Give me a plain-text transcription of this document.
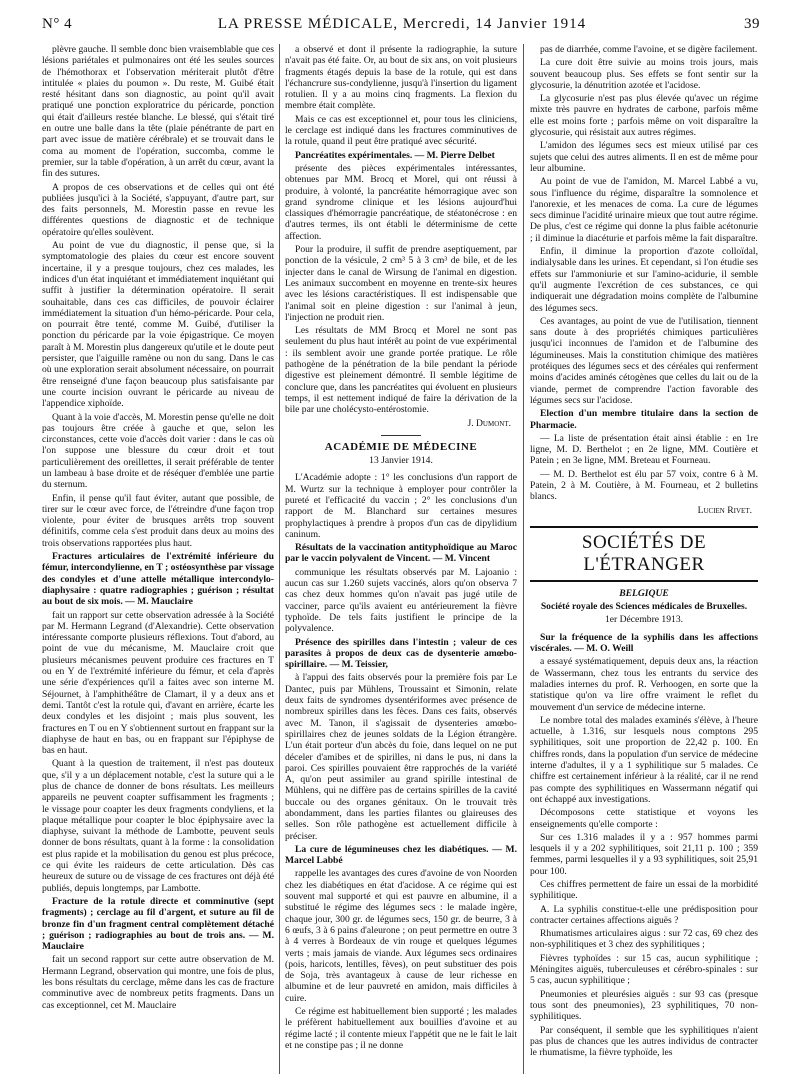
N° 4	LA PRESSE MÉDICALE, Mercredi, 14 Janvier 1914	39

plèvre gauche. Il semble donc bien vraisemblable que ces lésions pariétales et pulmonaires ont été les seules sources de l'hémothorax et l'observation mériterait plutôt d'être intitulée « plaies du poumon ». Du reste, M. Guibé était resté hésitant dans son diagnostic, au point qu'il avait pratiqué une ponction exploratrice du péricarde, ponction qui était d'ailleurs restée blanche. Le blessé, qui s'était tiré en outre une balle dans la tête (plaie pénétrante de part en part avec issue de matière cérébrale) et se trouvait dans le coma au moment de l'opération, succomba, comme le premier, sur la table d'opération, à un arrêt du cœur, avant la fin des sutures.

A propos de ces observations et de celles qui ont été publiées jusqu'ici à la Société, s'appuyant, d'autre part, sur des faits personnels, M. Morestin passe en revue les différentes questions de diagnostic et de technique opératoire qu'elles soulèvent.

Au point de vue du diagnostic, il pense que, si la symptomatologie des plaies du cœur est encore souvent incertaine, il y a presque toujours, chez ces malades, les indices d'un état inquiétant et immédiatement inquiétant qui suffit à justifier la détermination opératoire. Il serait souhaitable, dans ces cas difficiles, de pouvoir éclairer immédiatement la situation d'un hémo-péricarde. Pour cela, on pourrait être tenté, comme M. Guibé, d'utiliser la ponction du péricarde par la voie épigastrique. Ce moyen paraît à M. Morestin plus dangereux qu'utile et le doute peut persister, que l'aiguille ramène ou non du sang. Dans le cas où une exploration serait absolument nécessaire, on pourrait être renseigné d'une façon beaucoup plus satisfaisante par une courte incision ouvrant le péricarde au niveau de l'appendice xiphoïde.

Quant à la voie d'accès, M. Morestin pense qu'elle ne doit pas toujours être créée à gauche et que, selon les circonstances, cette voie d'accès doit varier : dans le cas où l'on suppose une blessure du cœur droit et tout particulièrement des oreillettes, il serait préférable de tenter un lambeau à base droite et de réséquer d'emblée une partie du sternum.

Enfin, il pense qu'il faut éviter, autant que possible, de tirer sur le cœur avec force, de l'étreindre d'une façon trop violente, pour éviter de brusques arrêts trop souvent définitifs, comme cela s'est produit dans deux au moins des trois observations rapportées plus haut.

Fractures articulaires de l'extrémité inférieure du fémur, intercondylienne, en T ; ostéosynthèse par vissage des condyles et d'une attelle métallique intercondylo-diaphysaire : quatre radiographies ; guérison ; résultat au bout de six mois. — M. Mauclaire

fait un rapport sur cette observation adressée à la Société par M. Hermann Legrand (d'Alexandrie). Cette observation intéressante comporte plusieurs réflexions. Tout d'abord, au point de vue du mécanisme, M. Mauclaire croit que plusieurs mécanismes peuvent produire ces fractures en T ou en Y de l'extrémité inférieure du fémur, et cela d'après une série d'expériences qu'il a faites avec son interne M. Séjournet, à l'amphithéâtre de Clamart, il y a deux ans et demi. Tantôt c'est la rotule qui, d'avant en arrière, écarte les deux condyles et les disjoint ; mais plus souvent, les fractures en T ou en Y s'obtiennent surtout en frappant sur la diaphyse de haut en bas, ou en frappant sur l'épiphyse de bas en haut.

Quant à la question de traitement, il n'est pas douteux que, s'il y a un déplacement notable, c'est la suture qui a le plus de chance de donner de bons résultats. Les meilleurs appareils ne peuvent coapter suffisamment les fragments ; le vissage pour coapter les deux fragments condyliens, et la plaque métallique pour coapter le bloc épiphysaire avec la diaphyse, suivant la méthode de Lambotte, peuvent seuls donner de bons résultats, quant à la forme : la consolidation est plus rapide et la mobilisation du genou est plus précoce, ce qui évite les raideurs de cette articulation. Dès cas heureux de suture ou de vissage de ces fractures ont déjà été publiés, depuis longtemps, par Lambotte.

Fracture de la rotule directe et comminutive (sept fragments) ; cerclage au fil d'argent, et suture au fil de bronze fin d'un fragment central complètement détaché ; guérison ; radiographies au bout de trois ans. — M. Mauclaire

fait un second rapport sur cette autre observation de M. Hermann Legrand, observation qui montre, une fois de plus, les bons résultats du cerclage, même dans les cas de fracture comminutive avec de nombreux petits fragments. Dans un cas exceptionnel, cet M. Mauclaire

a observé et dont il présente la radiographie, la suture n'avait pas été faite. Or, au bout de six ans, on voit plusieurs fragments étagés depuis la base de la rotule, qui est dans l'échancrure sus-condylienne, jusqu'à l'insertion du ligament rotulien. Il y a au moins cinq fragments. La flexion du membre était complète.

Mais ce cas est exceptionnel et, pour tous les cliniciens, le cerclage est indiqué dans les fractures comminutives de la rotule, quand il peut être pratiqué avec sécurité.

Pancréatites expérimentales. — M. Pierre Delbet

présente des pièces expérimentales intéressantes, obtenues par MM. Brocq et Morel, qui ont réussi à produire, à volonté, la pancréatite hémorragique avec son grand syndrome clinique et les lésions aujourd'hui classiques d'hémorragie pancréatique, de stéatonécrose : en d'autres termes, ils ont établi le déterminisme de cette affection.

Pour la produire, il suffit de prendre aseptiquement, par ponction de la vésicule, 2 cm³ 5 à 3 cm³ de bile, et de les injecter dans le canal de Wirsung de l'animal en digestion. Les animaux succombent en moyenne en trente-six heures avec les lésions caractéristiques. Il est indispensable que l'animal soit en pleine digestion : sur l'animal à jeun, l'injection ne produit rien.

Les résultats de MM Brocq et Morel ne sont pas seulement du plus haut intérêt au point de vue expérimental : ils semblent avoir une grande portée pratique. Le rôle pathogène de la pénétration de la bile pendant la période digestive est pleinement démontré. Il semble légitime de conclure que, dans les pancréatites qui évoluent en plusieurs temps, il est nettement indiqué de faire la dérivation de la bile par une cholécysto-entérostomie.

J. Dumont.

ACADÉMIE DE MÉDECINE

13 Janvier 1914.

L'Académie adopte : 1° les conclusions d'un rapport de M. Wurtz sur la technique à employer pour contrôler la pureté et l'efficacité du vaccin ; 2° les conclusions d'un rapport de M. Blanchard sur certaines mesures prophylactiques à prendre à propos d'un cas de dipylidium caninum.

Résultats de la vaccination antityphoïdique au Maroc par le vaccin polyvalent de Vincent. — M. Vincent

communique les résultats observés par M. Lajoanio : aucun cas sur 1.260 sujets vaccinés, alors qu'on observa 7 cas chez deux hommes qu'on n'avait pas jugé utile de vacciner, parce qu'ils avaient eu antérieurement la fièvre typhoïde. De tels faits justifient le principe de la polyvalence.

Présence des spirilles dans l'intestin ; valeur de ces parasites à propos de deux cas de dysenterie amœbo-spirillaire. — M. Teissier,

à l'appui des faits observés pour la première fois par Le Dantec, puis par Mühlens, Troussaint et Simonin, relate deux faits de syndromes dysentériformes avec présence de nombreux spirilles dans les fèces. Dans ces faits, observés avec M. Tanon, il s'agissait de dysenteries amœbo-spirillaires chez de jeunes soldats de la Légion étrangère. L'un était porteur d'un abcès du foie, dans lequel on ne put déceler d'amibes et de spirilles, ni dans le pus, ni dans la paroi. Ces spirilles pouvaient être rapprochés de la variété A, qu'on peut assimiler au grand spirille intestinal de Mühlens, qui ne diffère pas de certains spirilles de la cavité buccale ou des organes génitaux. On le trouvait très abondamment, dans les parties filantes ou glaireuses des selles. Son rôle pathogène est actuellement difficile à préciser.

La cure de légumineuses chez les diabétiques. — M. Marcel Labbé

rappelle les avantages des cures d'avoine de von Noorden chez les diabétiques en état d'acidose. A ce régime qui est souvent mal supporté et qui est pauvre en albumine, il a substitué le régime des légumes secs : le malade ingère, chaque jour, 300 gr. de légumes secs, 150 gr. de beurre, 3 à 6 œufs, 3 à 6 pains d'aleurone ; on peut permettre en outre 3 à 4 verres à Bordeaux de vin rouge et quelques légumes verts ; mais jamais de viande. Aux légumes secs ordinaires (pois, haricots, lentilles, fèves), on peut substituer des pois de Soja, très avantageux à cause de leur richesse en albumine et de leur pauvreté en amidon, mais difficiles à cuire.

Ce régime est habituellement bien supporté ; les malades le préfèrent habituellement aux bouillies d'avoine et au régime lacté ; il contente mieux l'appétit que ne le fait le lait et ne constipe pas ; il ne donne

pas de diarrhée, comme l'avoine, et se digère facilement.

La cure doit être suivie au moins trois jours, mais souvent beaucoup plus. Ses effets se font sentir sur la glycosurie, la dénutrition azotée et l'acidose.

La glycosurie n'est pas plus élevée qu'avec un régime mixte très pauvre en hydrates de carbone, parfois même elle est moins forte ; parfois même on voit disparaître la glycosurie, qui résistait aux autres régimes.

L'amidon des légumes secs est mieux utilisé par ces sujets que celui des autres aliments. Il en est de même pour leur albumine.

Au point de vue de l'amidon, M. Marcel Labbé a vu, sous l'influence du régime, disparaître la somnolence et l'anorexie, et les menaces de coma. La cure de légumes secs diminue l'acidité urinaire mieux que tout autre régime. De plus, c'est ce régime qui donne la plus faible acétonurie ; il diminue la diacéturie et parfois même la fait disparaître.

Enfin, il diminue la proportion d'azote colloïdal, indialysable dans les urines. Et cependant, si l'on étudie ses effets sur l'ammoniurie et sur l'amino-acidurie, il semble qu'il augmente l'excrétion de ces substances, ce qui indiquerait une dégradation moins complète de l'albumine des légumes secs.

Ces avantages, au point de vue de l'utilisation, tiennent sans doute à des propriétés chimiques particulières jusqu'ici inconnues de l'amidon et de l'albumine des légumineuses. Mais la constitution chimique des matières protéiques des légumes secs et des céréales qui renferment moins d'acides aminés cétogènes que celles du lait ou de la viande, permet de comprendre l'action favorable des légumes secs sur l'acidose.

Election d'un membre titulaire dans la section de Pharmacie.

— La liste de présentation était ainsi établie : en 1re ligne, M. D. Berthelot ; en 2e ligne, MM. Coutière et Patein ; en 3e ligne, MM. Breteau et Fourneau.

— M. D. Berthelot est élu par 57 voix, contre 6 à M. Patein, 2 à M. Coutière, à M. Fourneau, et 2 bulletins blancs.

Lucien Rivet.

SOCIÉTÉS DE L'ÉTRANGER

BELGIQUE

Société royale des Sciences médicales de Bruxelles.

1er Décembre 1913.

Sur la fréquence de la syphilis dans les affections viscérales. — M. O. Weill

a essayé systématiquement, depuis deux ans, la réaction de Wassermann, chez tous les entrants du service des maladies internes du prof. R. Verhoogen, en sorte que la statistique qu'on va lire offre vraiment le reflet du mouvement d'un service de médecine interne.

Le nombre total des malades examinés s'élève, à l'heure actuelle, à 1.316, sur lesquels nous comptons 295 syphilitiques, soit une proportion de 22,42 p. 100. En chiffres ronds, dans la population d'un service de médecine interne d'adultes, il y a 1 syphilitique sur 5 malades. Ce chiffre est certainement inférieur à la réalité, car il ne rend pas compte des syphilitiques en Wassermann négatif qui ont échappé aux investigations.

Décomposons cette statistique et voyons les enseignements qu'elle comporte :

Sur ces 1.316 malades il y a : 957 hommes parmi lesquels il y a 202 syphilitiques, soit 21,11 p. 100 ; 359 femmes, parmi lesquelles il y a 93 syphilitiques, soit 25,91 pour 100.

Ces chiffres permettent de faire un essai de la morbidité syphilitique.

A. La syphilis constitue-t-elle une prédisposition pour contracter certaines affections aiguës ?

Rhumatismes articulaires aigus : sur 72 cas, 69 chez des non-syphilitiques et 3 chez des syphilitiques ;

Fièvres typhoïdes : sur 15 cas, aucun syphilitique ; Méningites aiguës, tuberculeuses et cérébro-spinales : sur 5 cas, aucun syphilitique ;

Pneumonies et pleurésies aiguës : sur 93 cas (presque tous sont des pneumonies), 23 syphilitiques, 70 non-syphilitiques.

Par conséquent, il semble que les syphilitiques n'aient pas plus de chances que les autres individus de contracter le rhumatisme, la fièvre typhoïde, les
